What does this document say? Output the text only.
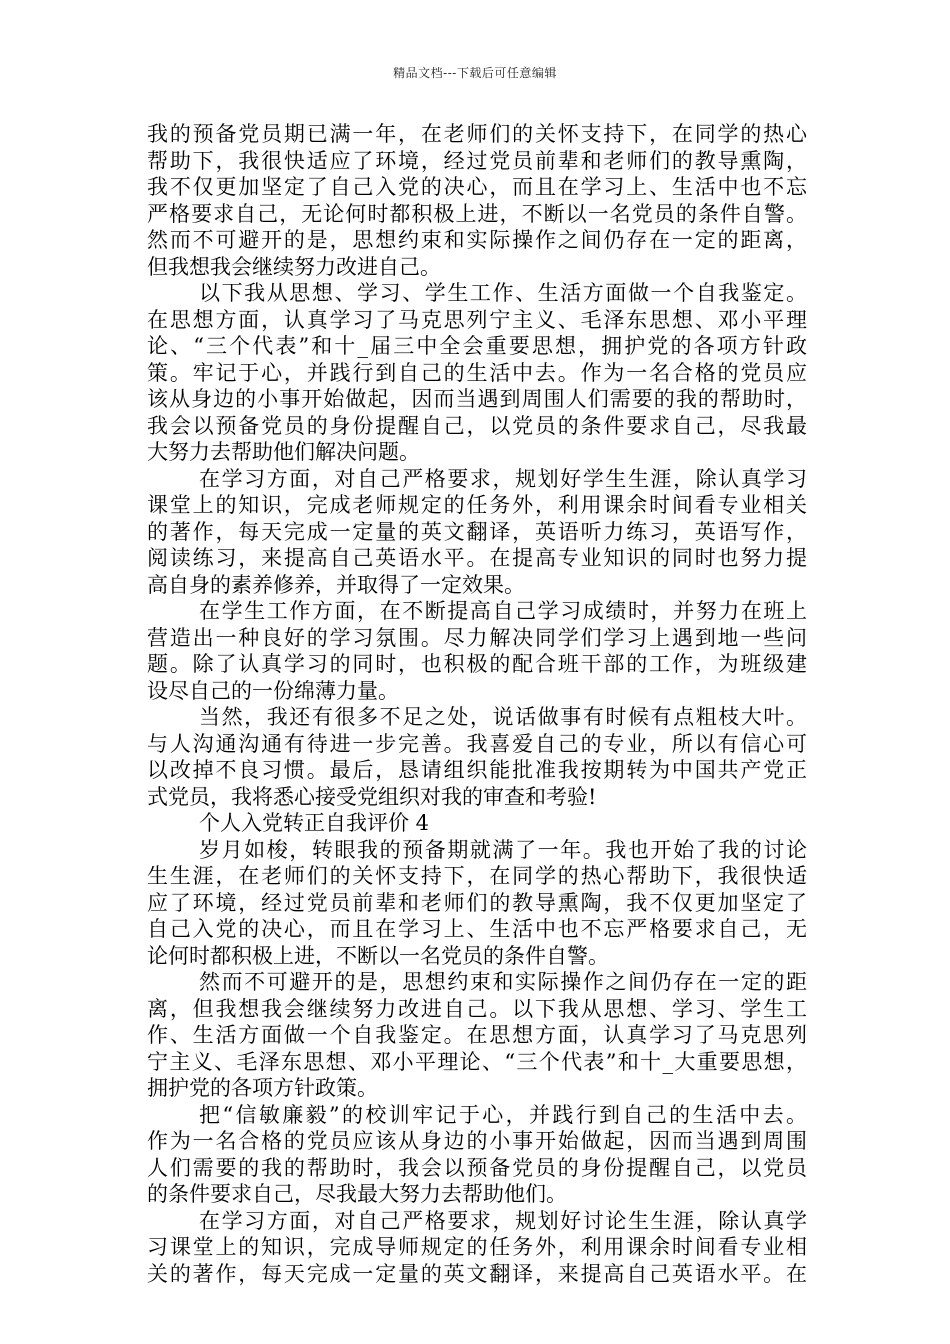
精品文档---下载后可任意编辑
我的预备党员期已满一年，在老师们的关怀支持下，在同学的热心
帮助下，我很快适应了环境，经过党员前辈和老师们的教导熏陶，
我不仅更加坚定了自己入党的决心，而且在学习上、生活中也不忘
严格要求自己，无论何时都积极上进，不断以一名党员的条件自警。
然而不可避开的是，思想约束和实际操作之间仍存在一定的距离，
但我想我会继续努力改进自己。
以下我从思想、学习、学生工作、生活方面做一个自我鉴定。
在思想方面，认真学习了马克思列宁主义、毛泽东思想、邓小平理
论、“三个代表”和十_届三中全会重要思想，拥护党的各项方针政
策。牢记于心，并践行到自己的生活中去。作为一名合格的党员应
该从身边的小事开始做起，因而当遇到周围人们需要的我的帮助时，
我会以预备党员的身份提醒自己，以党员的条件要求自己，尽我最
大努力去帮助他们解决问题。
在学习方面，对自己严格要求，规划好学生生涯，除认真学习
课堂上的知识，完成老师规定的任务外，利用课余时间看专业相关
的著作，每天完成一定量的英文翻译，英语听力练习，英语写作，
阅读练习，来提高自己英语水平。在提高专业知识的同时也努力提
高自身的素养修养，并取得了一定效果。
在学生工作方面，在不断提高自己学习成绩时，并努力在班上
营造出一种良好的学习氛围。尽力解决同学们学习上遇到地一些问
题。除了认真学习的同时，也积极的配合班干部的工作，为班级建
设尽自己的一份绵薄力量。
当然，我还有很多不足之处，说话做事有时候有点粗枝大叶。
与人沟通沟通有待进一步完善。我喜爱自己的专业，所以有信心可
以改掉不良习惯。最后，恳请组织能批准我按期转为中国共产党正
式党员，我将悉心接受党组织对我的审查和考验!
个人入党转正自我评价 4
岁月如梭，转眼我的预备期就满了一年。我也开始了我的讨论
生生涯，在老师们的关怀支持下，在同学的热心帮助下，我很快适
应了环境，经过党员前辈和老师们的教导熏陶，我不仅更加坚定了
自己入党的决心，而且在学习上、生活中也不忘严格要求自己，无
论何时都积极上进，不断以一名党员的条件自警。
然而不可避开的是，思想约束和实际操作之间仍存在一定的距
离，但我想我会继续努力改进自己。以下我从思想、学习、学生工
作、生活方面做一个自我鉴定。在思想方面，认真学习了马克思列
宁主义、毛泽东思想、邓小平理论、“三个代表”和十_大重要思想，
拥护党的各项方针政策。
把“信敏廉毅”的校训牢记于心，并践行到自己的生活中去。
作为一名合格的党员应该从身边的小事开始做起，因而当遇到周围
人们需要的我的帮助时，我会以预备党员的身份提醒自己，以党员
的条件要求自己，尽我最大努力去帮助他们。
在学习方面，对自己严格要求，规划好讨论生生涯，除认真学
习课堂上的知识，完成导师规定的任务外，利用课余时间看专业相
关的著作，每天完成一定量的英文翻译，来提高自己英语水平。在
